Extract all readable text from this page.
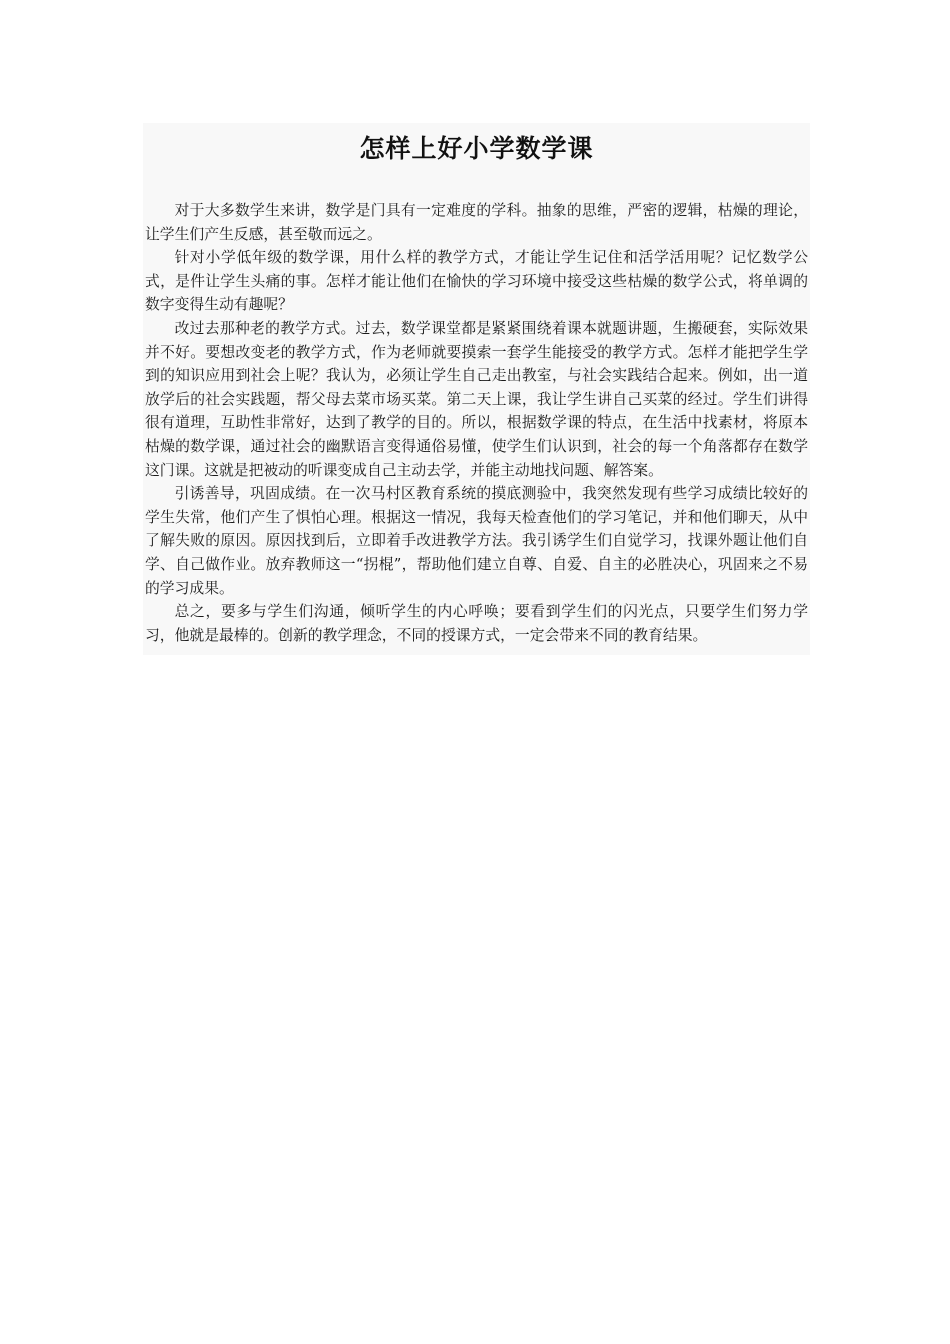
怎样上好小学数学课

对于大多数学生来讲，数学是门具有一定难度的学科。抽象的思维，严密的逻辑，枯燥的理论，让学生们产生反感，甚至敬而远之。

针对小学低年级的数学课，用什么样的教学方式，才能让学生记住和活学活用呢？记忆数学公式，是件让学生头痛的事。怎样才能让他们在愉快的学习环境中接受这些枯燥的数学公式，将单调的数字变得生动有趣呢？

改过去那种老的教学方式。过去，数学课堂都是紧紧围绕着课本就题讲题，生搬硬套，实际效果并不好。要想改变老的教学方式，作为老师就要摸索一套学生能接受的教学方式。怎样才能把学生学到的知识应用到社会上呢？我认为，必须让学生自己走出教室，与社会实践结合起来。例如，出一道放学后的社会实践题，帮父母去菜市场买菜。第二天上课，我让学生讲自己买菜的经过。学生们讲得很有道理，互助性非常好，达到了教学的目的。所以，根据数学课的特点，在生活中找素材，将原本枯燥的数学课，通过社会的幽默语言变得通俗易懂，使学生们认识到，社会的每一个角落都存在数学这门课。这就是把被动的听课变成自己主动去学，并能主动地找问题、解答案。

引诱善导，巩固成绩。在一次马村区教育系统的摸底测验中，我突然发现有些学习成绩比较好的学生失常，他们产生了惧怕心理。根据这一情况，我每天检查他们的学习笔记，并和他们聊天，从中了解失败的原因。原因找到后，立即着手改进教学方法。我引诱学生们自觉学习，找课外题让他们自学、自己做作业。放弃教师这一“拐棍”，帮助他们建立自尊、自爱、自主的必胜决心，巩固来之不易的学习成果。

总之，要多与学生们沟通，倾听学生的内心呼唤；要看到学生们的闪光点，只要学生们努力学习，他就是最棒的。创新的教学理念，不同的授课方式，一定会带来不同的教育结果。
